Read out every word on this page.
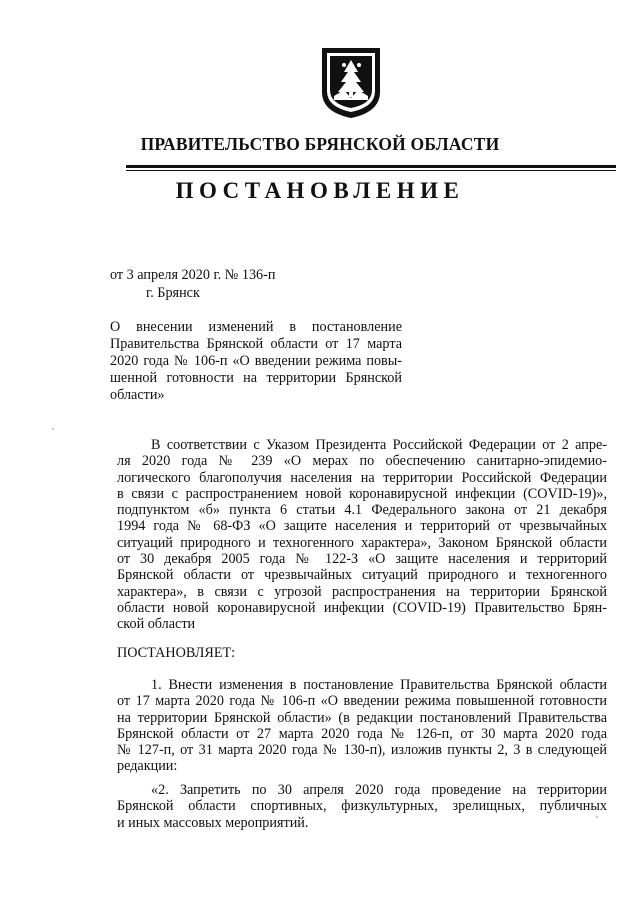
ПРАВИТЕЛЬСТВО БРЯНСКОЙ ОБЛАСТИ
ПОСТАНОВЛЕНИЕ
от 3 апреля 2020 г. № 136-п
г. Брянск
О внесении изменений в постановление
Правительства Брянской области от 17 марта
2020 года № 106-п «О введении режима повы-
шенной готовности на территории Брянской
области»
В соответствии с Указом Президента Российской Федерации от 2 апре-
ля 2020 года № 239 «О мерах по обеспечению санитарно-эпидемио-
логического благополучия населения на территории Российской Федерации
в связи с распространением новой коронавирусной инфекции (COVID-19)»,
подпунктом «б» пункта 6 статьи 4.1 Федерального закона от 21 декабря
1994 года № 68-ФЗ «О защите населения и территорий от чрезвычайных
ситуаций природного и техногенного характера», Законом Брянской области
от 30 декабря 2005 года № 122-З «О защите населения и территорий
Брянской области от чрезвычайных ситуаций природного и техногенного
характера», в связи с угрозой распространения на территории Брянской
области новой коронавирусной инфекции (COVID-19) Правительство Брян-
ской области
ПОСТАНОВЛЯЕТ:
1. Внести изменения в постановление Правительства Брянской области
от 17 марта 2020 года № 106-п «О введении режима повышенной готовности
на территории Брянской области» (в редакции постановлений Правительства
Брянской области от 27 марта 2020 года № 126-п, от 30 марта 2020 года
№ 127-п, от 31 марта 2020 года № 130-п), изложив пункты 2, 3 в следующей
редакции:
«2. Запретить по 30 апреля 2020 года проведение на территории
Брянской области спортивных, физкультурных, зрелищных, публичных
и иных массовых мероприятий.
